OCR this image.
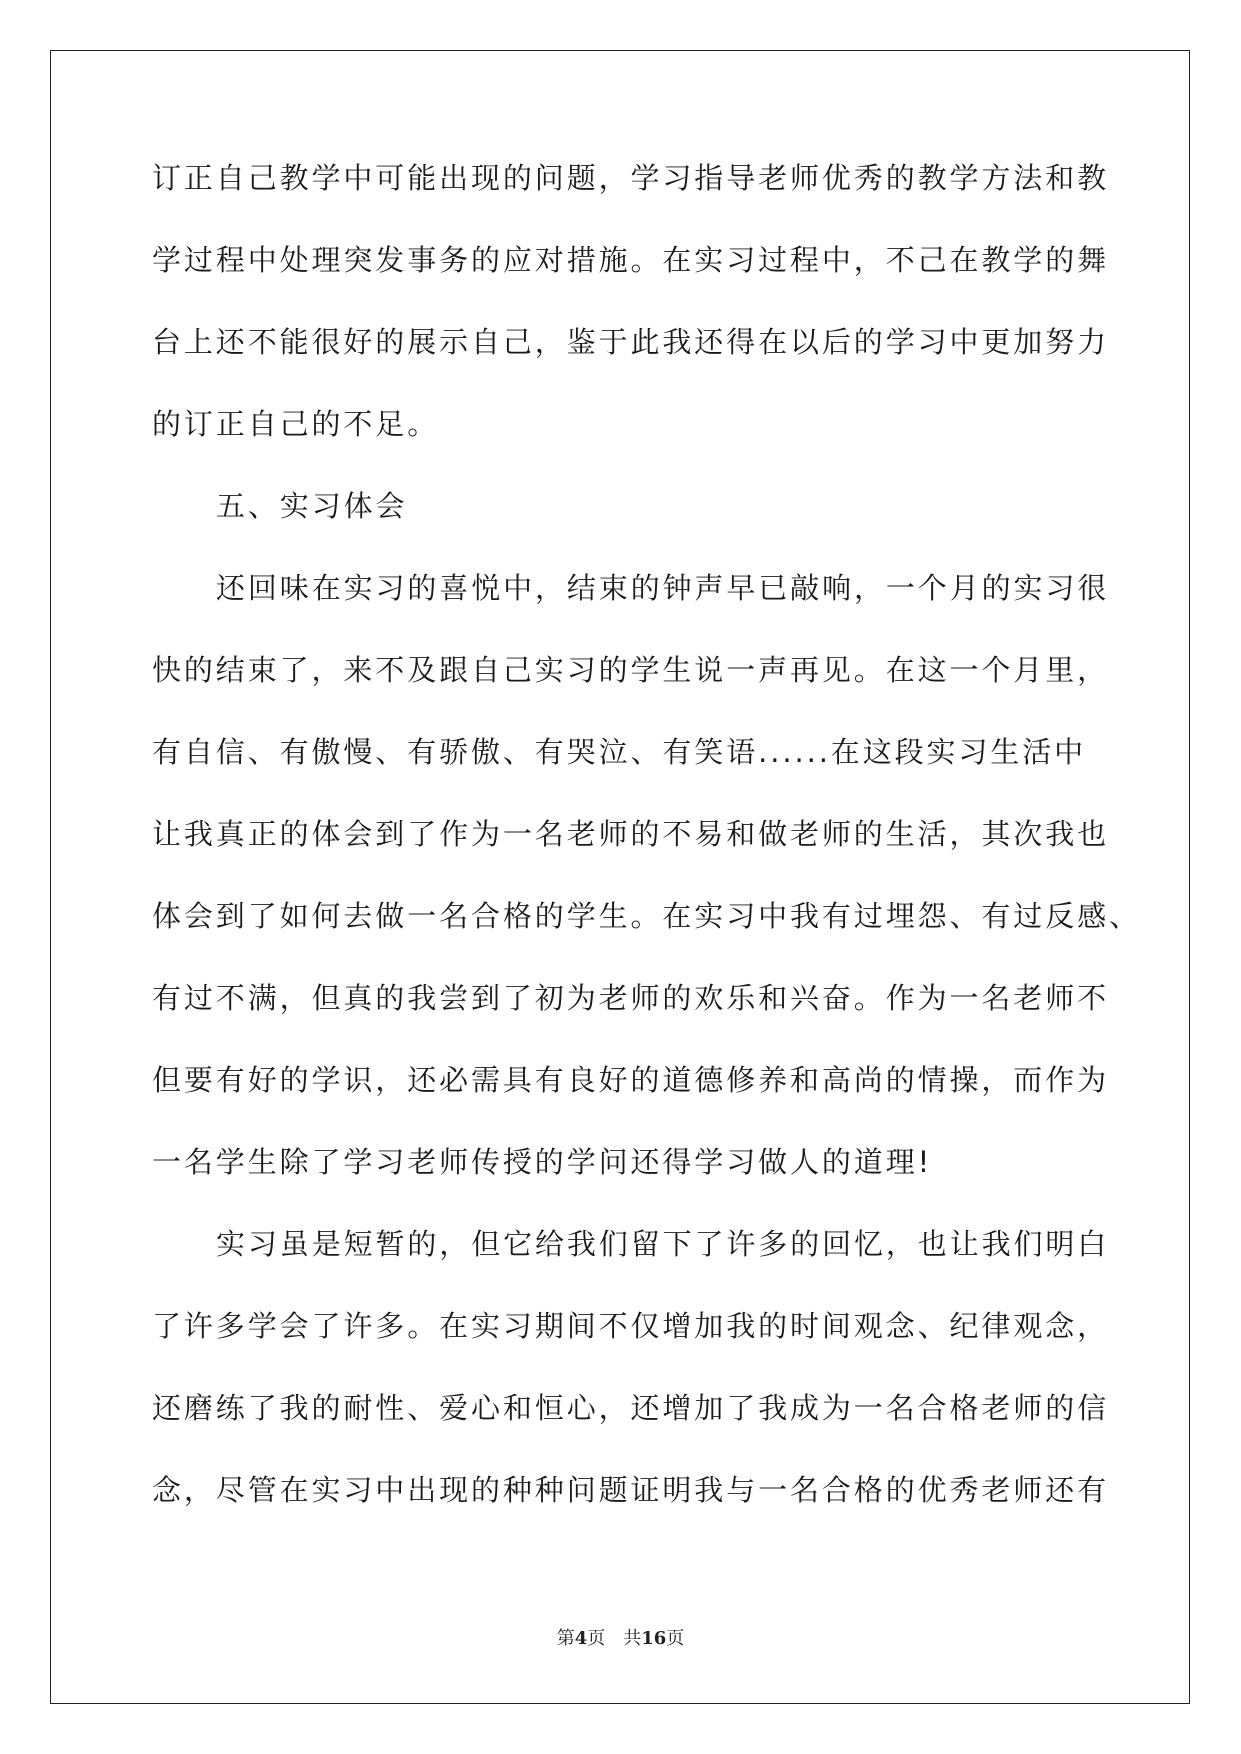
订正自己教学中可能出现的问题，学习指导老师优秀的教学方法和教
学过程中处理突发事务的应对措施。在实习过程中，不己在教学的舞
台上还不能很好的展示自己，鉴于此我还得在以后的学习中更加努力
的订正自己的不足。
五、实习体会
还回味在实习的喜悦中，结束的钟声早已敲响，一个月的实习很
快的结束了，来不及跟自己实习的学生说一声再见。在这一个月里，
有自信、有傲慢、有骄傲、有哭泣、有笑语......在这段实习生活中
让我真正的体会到了作为一名老师的不易和做老师的生活，其次我也
体会到了如何去做一名合格的学生。在实习中我有过埋怨、有过反感、
有过不满，但真的我尝到了初为老师的欢乐和兴奋。作为一名老师不
但要有好的学识，还必需具有良好的道德修养和高尚的情操，而作为
一名学生除了学习老师传授的学问还得学习做人的道理!
实习虽是短暂的，但它给我们留下了许多的回忆，也让我们明白
了许多学会了许多。在实习期间不仅增加我的时间观念、纪律观念，
还磨练了我的耐性、爱心和恒心，还增加了我成为一名合格老师的信
念，尽管在实习中出现的种种问题证明我与一名合格的优秀老师还有
第4页 共16页
